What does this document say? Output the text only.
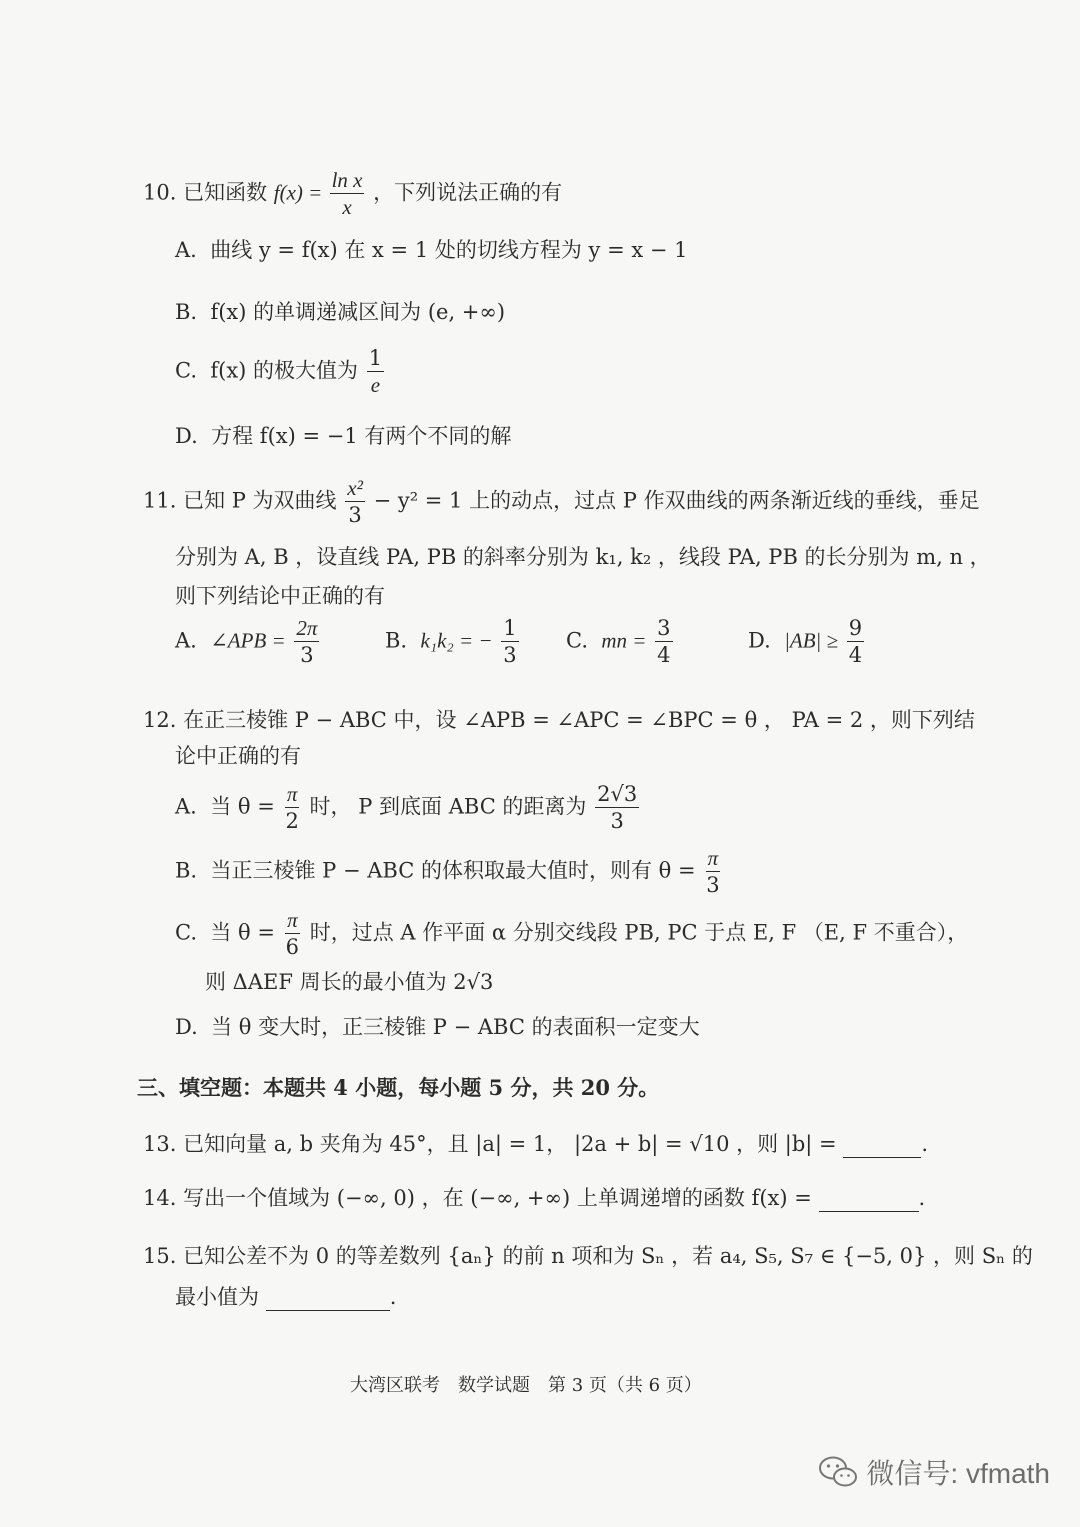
10. 已知函数 $f(x) = \frac{\text{ln x}}{x}$ ，下列说法正确的有
A. 曲线 y = f(x) 在 x = 1 处的切线方程为 y = x − 1
B. f(x) 的单调递减区间为 (e, +∞)
C. f(x) 的极大值为 $\frac{1}{e}$
D. 方程 f(x) = −1 有两个不同的解
11. 已知 P 为双曲线 $\frac{\text{x²}}{3} - y^2 = 1$ 上的动点，过点 P 作双曲线的两条渐近线的垂线，垂足
分别为 A, B ，设直线 PA, PB 的斜率分别为 k₁, k₂ ，线段 PA, PB 的长分别为 m, n ，
则下列结论中正确的有
A. ∠APB = $\frac{2\pi}{3}$	B. k₁k₂ = − $\frac{1}{3} C$. mn = $\frac{3}{4}$	D. $|AB| \ge \frac{9}{4}$
12. 在正三棱锥 P − ABC 中，设 ∠APB = ∠APC = ∠BPC = θ ， PA = 2 ，则下列结
论中正确的有
A. 当 $\theta = \frac{\pi}{2}$ 时， P 到底面 ABC 的距离为 $\frac{2√3}{3}$
B. 当正三棱锥 P − ABC 的体积取最大值时，则有 $\theta = \frac{\pi}{3}$
C. 当 $\theta = \frac{\pi}{6}$ 时，过点 A 作平面 α 分别交线段 PB, PC 于点 E, F （E, F 不重合），
则 ΔAEF 周长的最小值为 2√3
D. 当 θ 变大时，正三棱锥 P − ABC 的表面积一定变大
三、填空题：本题共 4 小题，每小题 5 分，共 20 分。
13. 已知向量 a, b 夹角为 45°，且 |a| = 1， |2a + b| = √10 ，则 |b| =	.
14. 写出一个值域为 (−∞, 0) ，在 (−∞, +∞) 上单调递增的函数 f(x) =	.
15. 已知公差不为 0 的等差数列 {aₙ} 的前 n 项和为 Sₙ ，若 a₄, S₅, S₇ ∈ {−5, 0} ，则 Sₙ 的
最小值为	.
大湾区联考　数学试题　第 3 页（共 6 页）
微信号: vfmath
